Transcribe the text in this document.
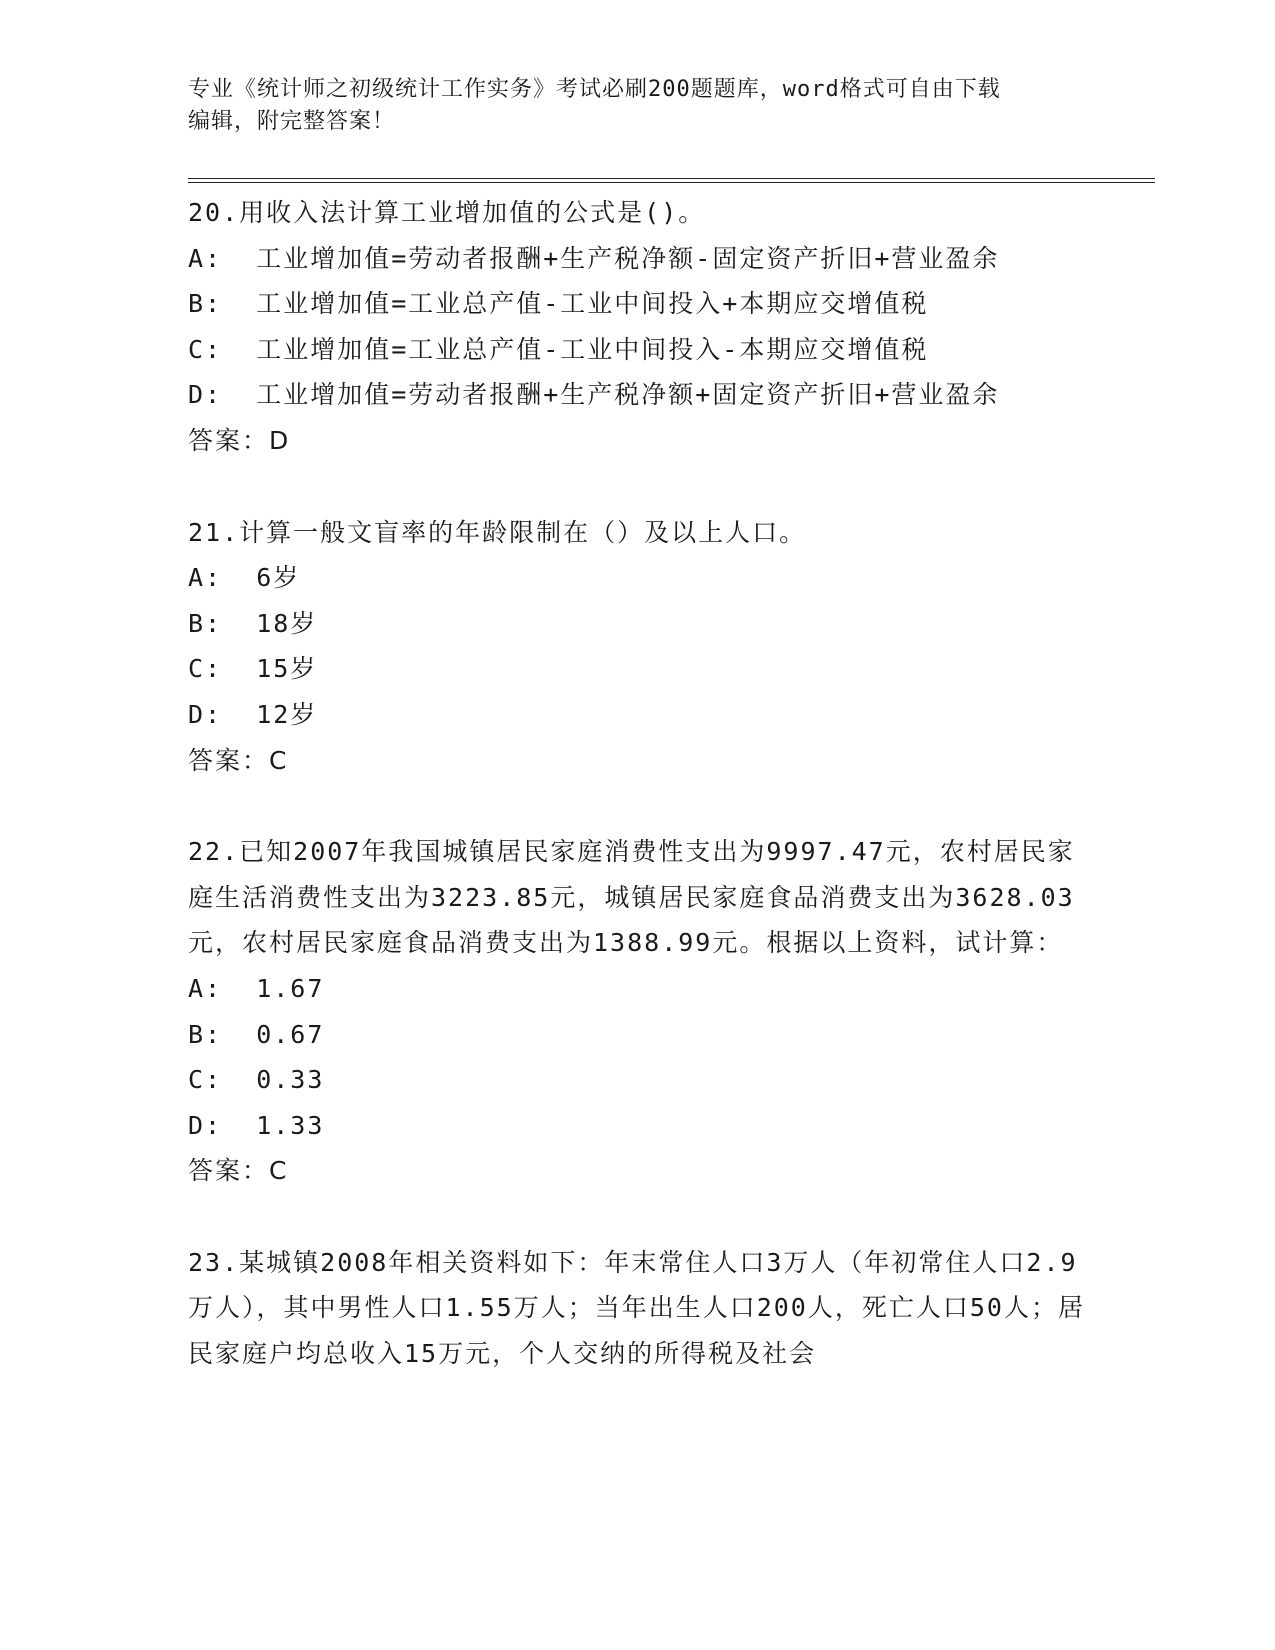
专业《统计师之初级统计工作实务》考试必刷200题题库，word格式可自由下载
编辑，附完整答案！
20.用收入法计算工业增加值的公式是()。
A:  工业增加值=劳动者报酬+生产税净额-固定资产折旧+营业盈余
B:  工业增加值=工业总产值-工业中间投入+本期应交增值税
C:  工业增加值=工业总产值-工业中间投入-本期应交增值税
D:  工业增加值=劳动者报酬+生产税净额+固定资产折旧+营业盈余
答案：D
21.计算一般文盲率的年龄限制在（）及以上人口。
A:  6岁
B:  18岁
C:  15岁
D:  12岁
答案：C
22.已知2007年我国城镇居民家庭消费性支出为9997.47元，农村居民家庭生活消费性支出为3223.85元，城镇居民家庭食品消费支出为3628.03元，农村居民家庭食品消费支出为1388.99元。根据以上资料，试计算：
A:  1.67
B:  0.67
C:  0.33
D:  1.33
答案：C
23.某城镇2008年相关资料如下：年末常住人口3万人（年初常住人口2.9万人），其中男性人口1.55万人；当年出生人口200人，死亡人口50人；居民家庭户均总收入15万元，个人交纳的所得税及社会
